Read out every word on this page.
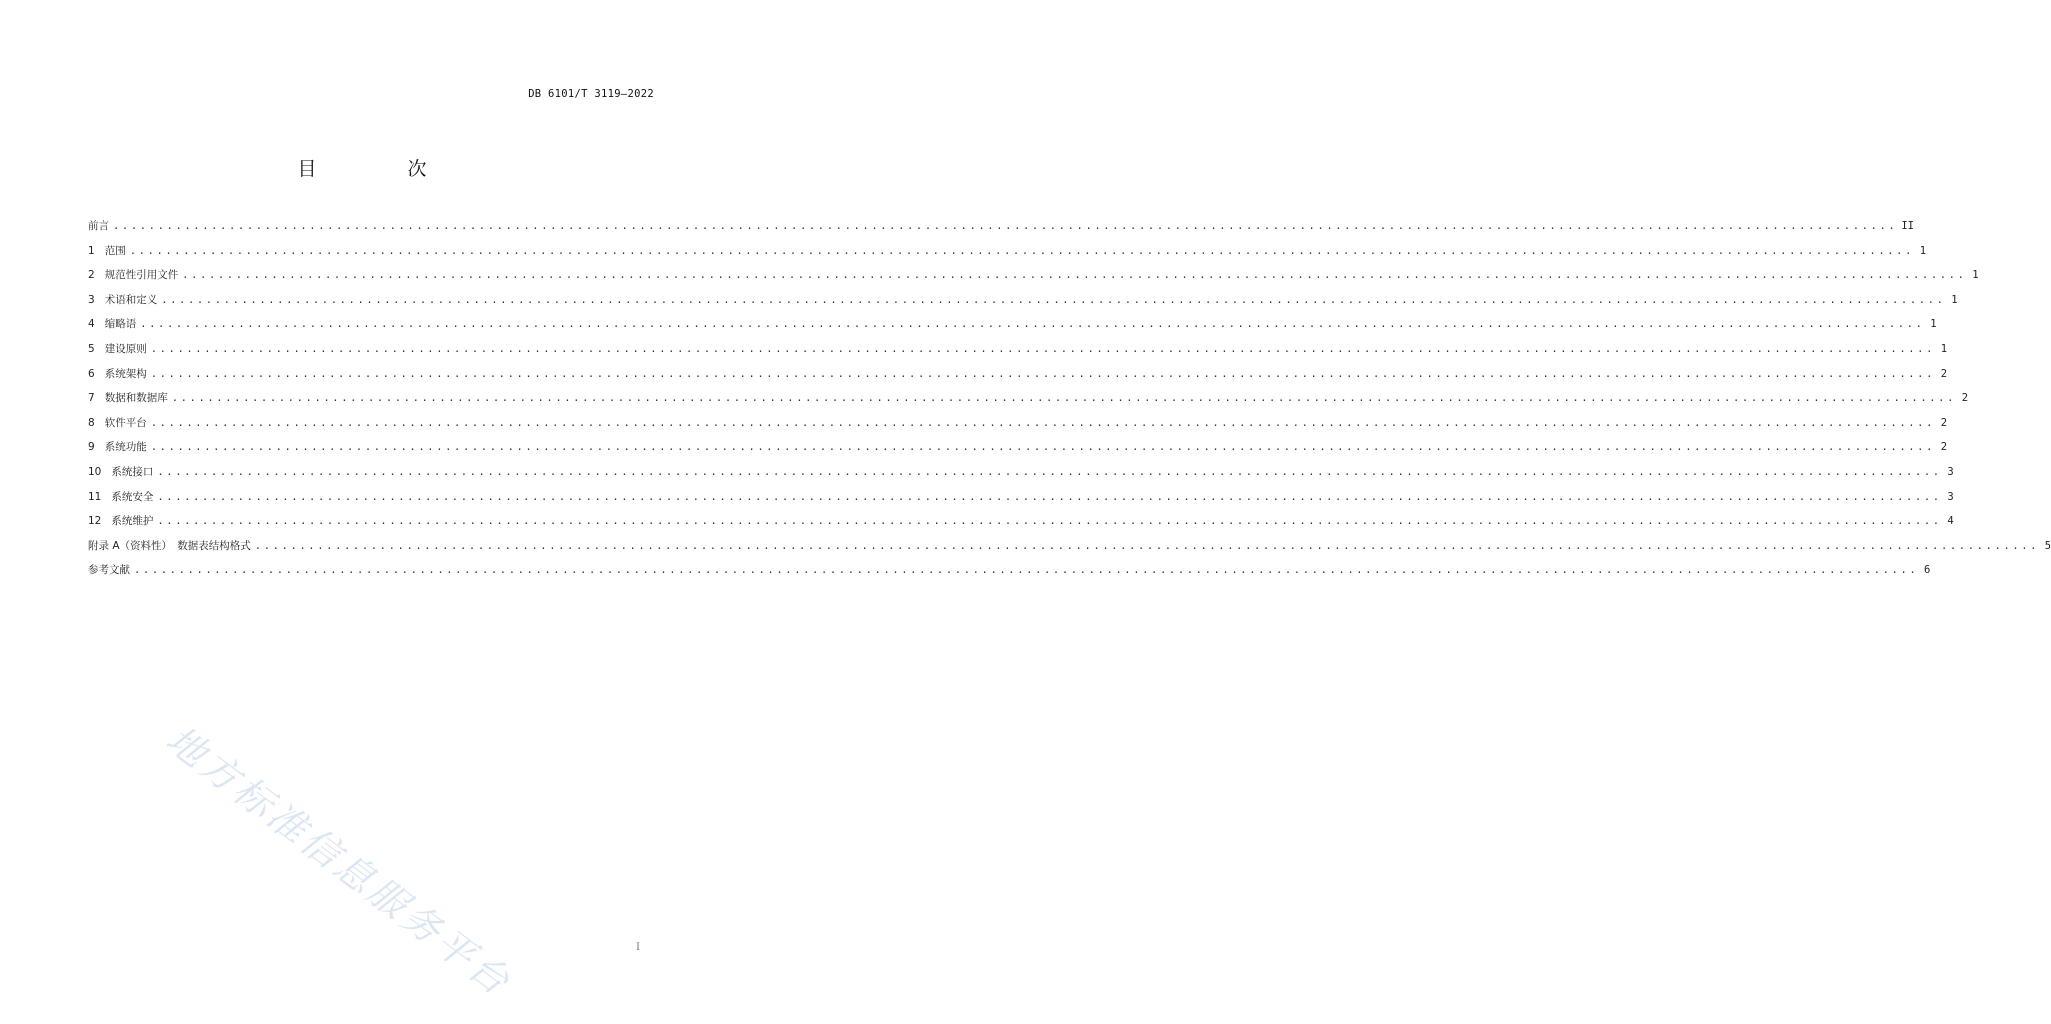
DB 6101/T 3119—2022
目　次
前言 ........................................................................................................................................................................................................ II
1   范围 ........................................................................................................................................................................................................ 1
2   规范性引用文件 ........................................................................................................................................................................................................ 1
3   术语和定义 ........................................................................................................................................................................................................ 1
4   缩略语 ........................................................................................................................................................................................................ 1
5   建设原则 ........................................................................................................................................................................................................ 1
6   系统架构 ........................................................................................................................................................................................................ 2
7   数据和数据库 ........................................................................................................................................................................................................ 2
8   软件平台 ........................................................................................................................................................................................................ 2
9   系统功能 ........................................................................................................................................................................................................ 2
10   系统接口 ........................................................................................................................................................................................................ 3
11   系统安全 ........................................................................................................................................................................................................ 3
12   系统维护 ........................................................................................................................................................................................................ 4
附录 A（资料性）　数据表结构格式 ........................................................................................................................................................................................................ 5
参考文献 ........................................................................................................................................................................................................ 6
地方标准信息服务平台	I
